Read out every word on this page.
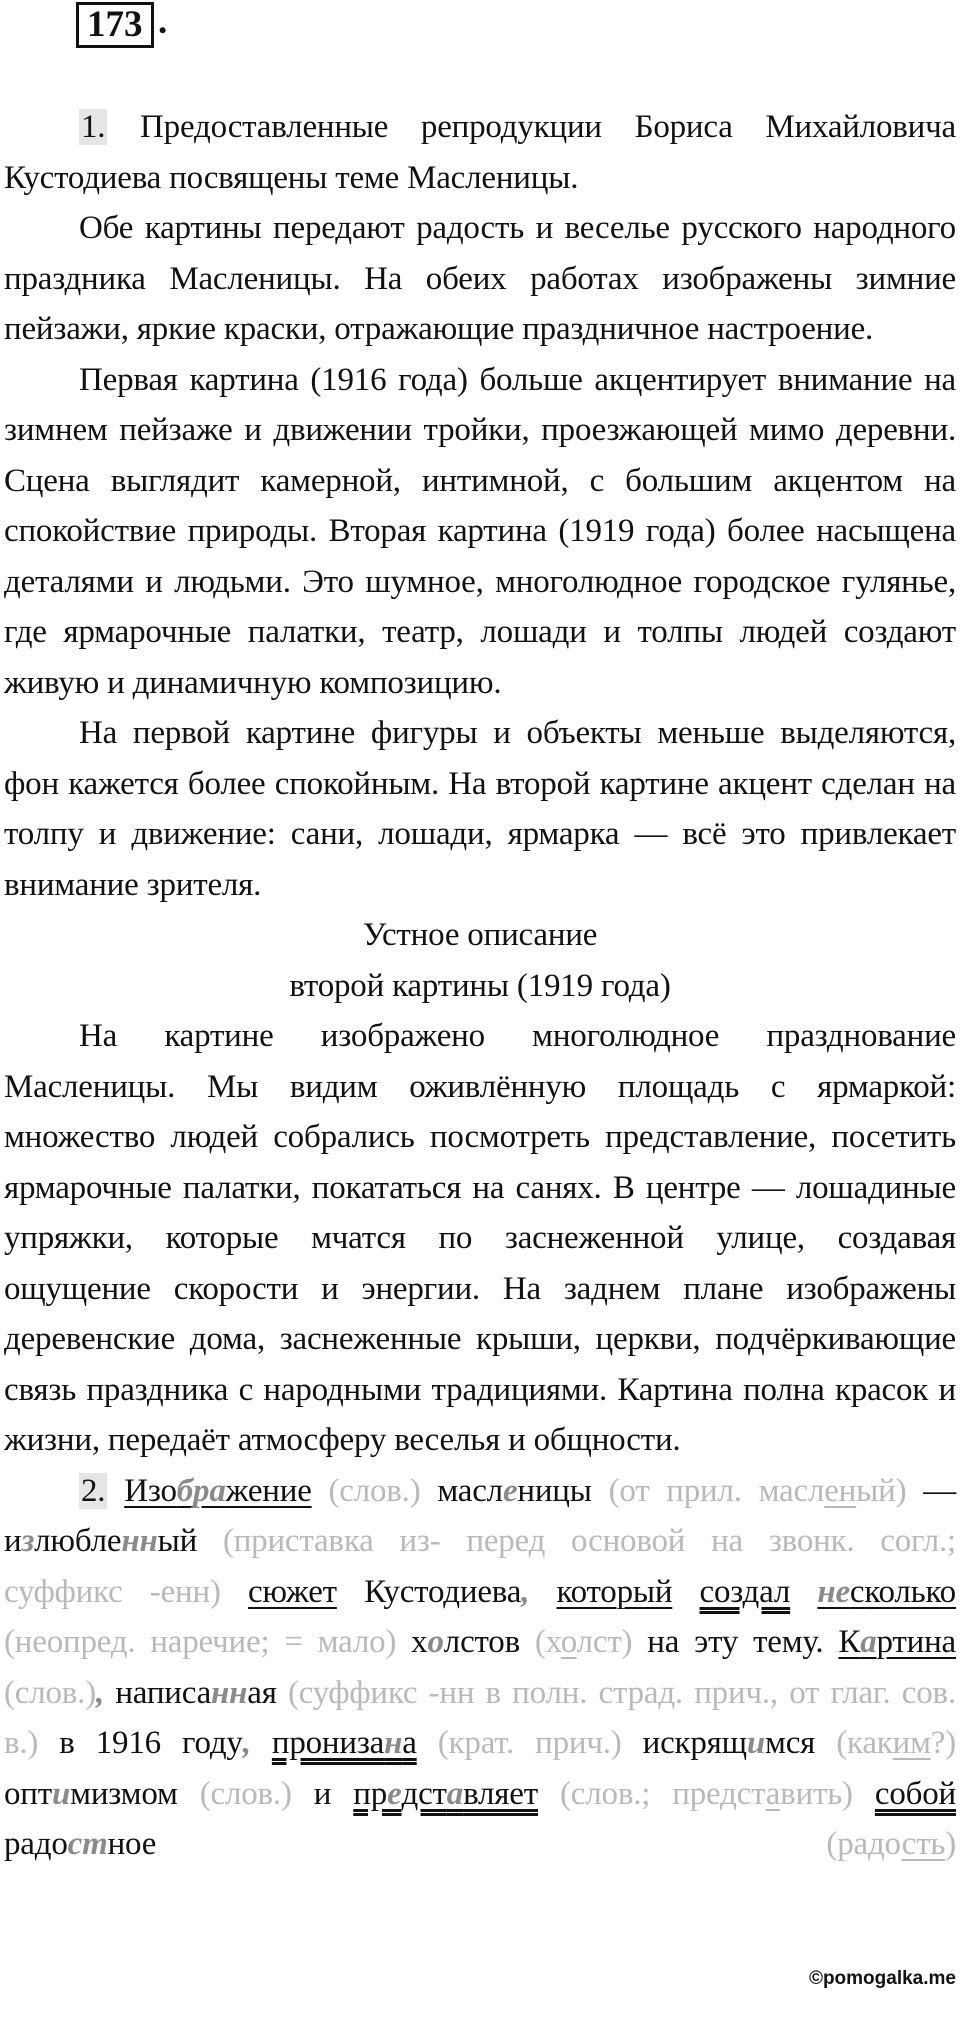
173 .

1. Предоставленные репродукции Бориса Михайловича Кустодиева посвящены теме Масленицы.

Обе картины передают радость и веселье русского народного праздника Масленицы. На обеих работах изображены зимние пейзажи, яркие краски, отражающие праздничное настроение.

Первая картина (1916 года) больше акцентирует внимание на зимнем пейзаже и движении тройки, проезжающей мимо деревни. Сцена выглядит камерной, интимной, с большим акцентом на спокойствие природы. Вторая картина (1919 года) более насыщена деталями и людьми. Это шумное, многолюдное городское гулянье, где ярмарочные палатки, театр, лошади и толпы людей создают живую и динамичную композицию.

На первой картине фигуры и объекты меньше выделяются, фон кажется более спокойным. На второй картине акцент сделан на толпу и движение: сани, лошади, ярмарка — всё это привлекает внимание зрителя.

Устное описание

второй картины (1919 года)

На картине изображено многолюдное празднование Масленицы. Мы видим оживлённую площадь с ярмаркой: множество людей собрались посмотреть представление, посетить ярмарочные палатки, покататься на санях. В центре — лошадиные упряжки, которые мчатся по заснеженной улице, создавая ощущение скорости и энергии. На заднем плане изображены деревенские дома, заснеженные крыши, церкви, подчёркивающие связь праздника с народными традициями. Картина полна красок и жизни, передаёт атмосферу веселья и общности.

2. Изображение (слов.) масленицы (от прил. масленый) — излюбленный (приставка из- перед основой на звонк. согл.; суффикс -енн) сюжет Кустодиева, который создал несколько (неопред. наречие; = мало) холстов (холст) на эту тему. Картина (слов.), написанная (суффикс -нн в полн. страд. прич., от глаг. сов. в.) в 1916 году, пронизана (крат. прич.) искрящимся (каким?) оптимизмом (слов.) и представляет (слов.; представить) собой радостное (радость)

©pomogalka.me
